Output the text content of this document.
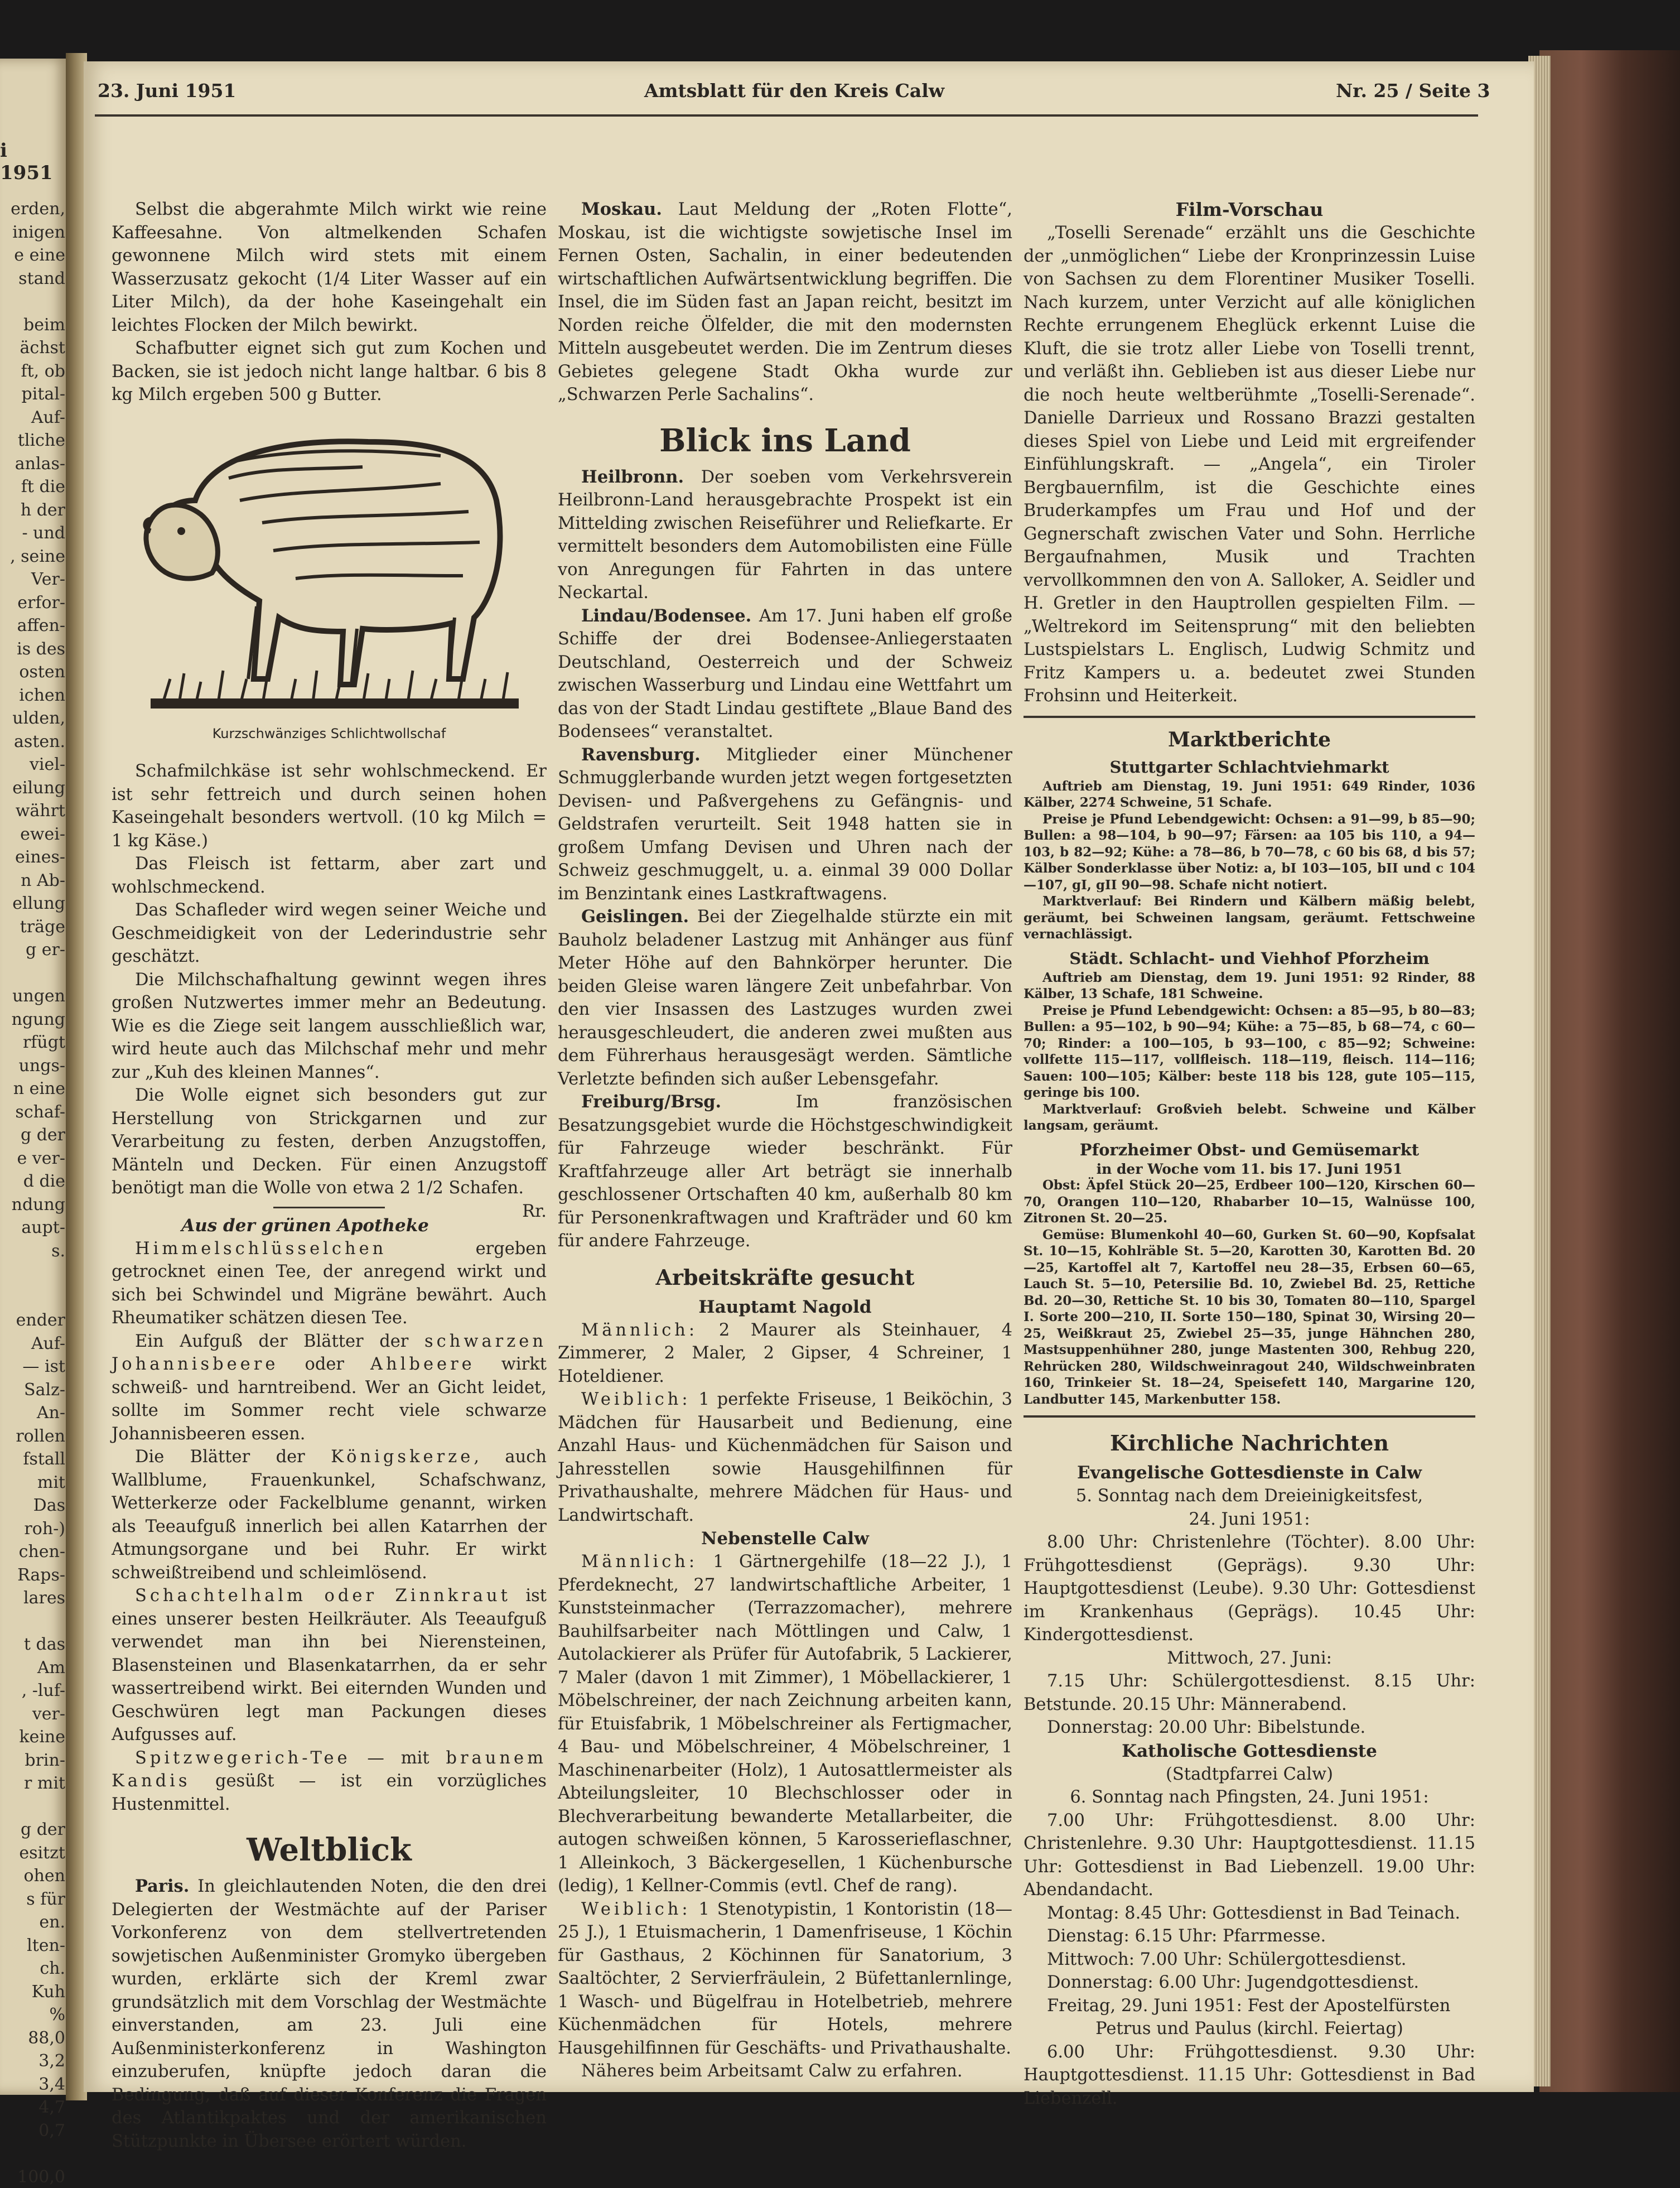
i 1951
erden,
inigen
e eine
stand
beim
ächst
ft, ob
pital-
Auf-
tliche
anlas-
ft die
h der
- und
, seine
Ver-
erfor-
affen-
is des
osten
ichen
ulden,
asten.
viel-
eilung
währt
ewei-
eines-
n Ab-
ellung
träge
g er-
ungen
ngung
rfügt
ungs-
n eine
schaf-
g der
e ver-
d die
ndung
aupt-
s.
ender
Auf-
— ist
Salz-
An-
rollen
fstall
mit
Das
roh-)
chen-
Raps-
lares
t das
Am
, -luf-
ver-
keine
brin-
r mit
g der
esitzt
ohen
s für
en.
lten-
ch.
Kuh
%
88,0
3,2
3,4
4,7
0,7
100,0
23. Juni 1951	Amtsblatt für den Kreis Calw	Nr. 25 / Seite 3

Selbst die abgerahmte Milch wirkt wie reine Kaffeesahne. Von altmelkenden Schafen gewonnene Milch wird stets mit einem Wasserzusatz gekocht (1/4 Liter Wasser auf ein Liter Milch), da der hohe Kaseingehalt ein leichtes Flocken der Milch bewirkt.

Schafbutter eignet sich gut zum Kochen und Backen, sie ist jedoch nicht lange haltbar. 6 bis 8 kg Milch ergeben 500 g Butter.

Kurzschwänziges Schlichtwollschaf

Schafmilchkäse ist sehr wohlschmeckend. Er ist sehr fettreich und durch seinen hohen Kaseingehalt besonders wertvoll. (10 kg Milch = 1 kg Käse.)

Das Fleisch ist fettarm, aber zart und wohlschmeckend.

Das Schafleder wird wegen seiner Weiche und Geschmeidigkeit von der Lederindustrie sehr geschätzt.

Die Milchschafhaltung gewinnt wegen ihres großen Nutzwertes immer mehr an Bedeutung. Wie es die Ziege seit langem ausschließlich war, wird heute auch das Milchschaf mehr und mehr zur „Kuh des kleinen Mannes“.

Die Wolle eignet sich besonders gut zur Herstellung von Strickgarnen und zur Verarbeitung zu festen, derben Anzugstoffen, Mänteln und Decken. Für einen Anzugstoff benötigt man die Wolle von etwa 2 1/2 Schafen.
Rr.

Aus der grünen Apotheke

Himmelschlüsselchen ergeben getrocknet einen Tee, der anregend wirkt und sich bei Schwindel und Migräne bewährt. Auch Rheumatiker schätzen diesen Tee.

Ein Aufguß der Blätter der schwarzen Johannisbeere oder Ahlbeere wirkt schweiß- und harntreibend. Wer an Gicht leidet, sollte im Sommer recht viele schwarze Johannisbeeren essen.

Die Blätter der Königskerze, auch Wallblume, Frauenkunkel, Schafschwanz, Wetterkerze oder Fackelblume genannt, wirken als Teeaufguß innerlich bei allen Katarrhen der Atmungsorgane und bei Ruhr. Er wirkt schweißtreibend und schleimlösend.

Schachtelhalm oder Zinnkraut ist eines unserer besten Heilkräuter. Als Teeaufguß verwendet man ihn bei Nierensteinen, Blasensteinen und Blasenkatarrhen, da er sehr wassertreibend wirkt. Bei eiternden Wunden und Geschwüren legt man Packungen dieses Aufgusses auf.

Spitzwegerich-Tee — mit braunem Kandis gesüßt — ist ein vorzügliches Hustenmittel.

Weltblick

Paris. In gleichlautenden Noten, die den drei Delegierten der Westmächte auf der Pariser Vorkonferenz von dem stellvertretenden sowjetischen Außenminister Gromyko übergeben wurden, erklärte sich der Kreml zwar grundsätzlich mit dem Vorschlag der Westmächte einverstanden, am 23. Juli eine Außenministerkonferenz in Washington einzuberufen, knüpfte jedoch daran die Bedingung, daß auf dieser Konferenz die Fragen des Atlantikpaktes und der amerikanischen Stützpunkte in Übersee erörtert würden.

Moskau. Laut Meldung der „Roten Flotte“, Moskau, ist die wichtigste sowjetische Insel im Fernen Osten, Sachalin, in einer bedeutenden wirtschaftlichen Aufwärtsentwicklung begriffen. Die Insel, die im Süden fast an Japan reicht, besitzt im Norden reiche Ölfelder, die mit den modernsten Mitteln ausgebeutet werden. Die im Zentrum dieses Gebietes gelegene Stadt Okha wurde zur „Schwarzen Perle Sachalins“.

Blick ins Land

Heilbronn. Der soeben vom Verkehrsverein Heilbronn-Land herausgebrachte Prospekt ist ein Mittelding zwischen Reiseführer und Reliefkarte. Er vermittelt besonders dem Automobilisten eine Fülle von Anregungen für Fahrten in das untere Neckartal.

Lindau/Bodensee. Am 17. Juni haben elf große Schiffe der drei Bodensee-Anliegerstaaten Deutschland, Oesterreich und der Schweiz zwischen Wasserburg und Lindau eine Wettfahrt um das von der Stadt Lindau gestiftete „Blaue Band des Bodensees“ veranstaltet.

Ravensburg. Mitglieder einer Münchener Schmugglerbande wurden jetzt wegen fortgesetzten Devisen- und Paßvergehens zu Gefängnis- und Geldstrafen verurteilt. Seit 1948 hatten sie in großem Umfang Devisen und Uhren nach der Schweiz geschmuggelt, u. a. einmal 39 000 Dollar im Benzintank eines Lastkraftwagens.

Geislingen. Bei der Ziegelhalde stürzte ein mit Bauholz beladener Lastzug mit Anhänger aus fünf Meter Höhe auf den Bahnkörper herunter. Die beiden Gleise waren längere Zeit unbefahrbar. Von den vier Insassen des Lastzuges wurden zwei herausgeschleudert, die anderen zwei mußten aus dem Führerhaus herausgesägt werden. Sämtliche Verletzte befinden sich außer Lebensgefahr.

Freiburg/Brsg. Im französischen Besatzungsgebiet wurde die Höchstgeschwindigkeit für Fahrzeuge wieder beschränkt. Für Kraftfahrzeuge aller Art beträgt sie innerhalb geschlossener Ortschaften 40 km, außerhalb 80 km für Personenkraftwagen und Krafträder und 60 km für andere Fahrzeuge.

Arbeitskräfte gesucht
Hauptamt Nagold

Männlich: 2 Maurer als Steinhauer, 4 Zimmerer, 2 Maler, 2 Gipser, 4 Schreiner, 1 Hoteldiener.

Weiblich: 1 perfekte Friseuse, 1 Beiköchin, 3 Mädchen für Hausarbeit und Bedienung, eine Anzahl Haus- und Küchenmädchen für Saison und Jahresstellen sowie Hausgehilfinnen für Privathaushalte, mehrere Mädchen für Haus- und Landwirtschaft.

Nebenstelle Calw

Männlich: 1 Gärtnergehilfe (18—22 J.), 1 Pferdeknecht, 27 landwirtschaftliche Arbeiter, 1 Kunststeinmacher (Terrazzomacher), mehrere Bauhilfsarbeiter nach Möttlingen und Calw, 1 Autolackierer als Prüfer für Autofabrik, 5 Lackierer, 7 Maler (davon 1 mit Zimmer), 1 Möbellackierer, 1 Möbelschreiner, der nach Zeichnung arbeiten kann, für Etuisfabrik, 1 Möbelschreiner als Fertigmacher, 4 Bau- und Möbelschreiner, 4 Möbelschreiner, 1 Maschinenarbeiter (Holz), 1 Autosattlermeister als Abteilungsleiter, 10 Blechschlosser oder in Blechverarbeitung bewanderte Metallarbeiter, die autogen schweißen können, 5 Karosserieflaschner, 1 Alleinkoch, 3 Bäckergesellen, 1 Küchenbursche (ledig), 1 Kellner-Commis (evtl. Chef de rang).

Weiblich: 1 Stenotypistin, 1 Kontoristin (18—25 J.), 1 Etuismacherin, 1 Damenfriseuse, 1 Köchin für Gasthaus, 2 Köchinnen für Sanatorium, 3 Saaltöchter, 2 Servierfräulein, 2 Büfettanlernlinge, 1 Wasch- und Bügelfrau in Hotelbetrieb, mehrere Küchenmädchen für Hotels, mehrere Hausgehilfinnen für Geschäfts- und Privathaushalte.

Näheres beim Arbeitsamt Calw zu erfahren.

Film-Vorschau

„Toselli Serenade“ erzählt uns die Geschichte der „unmöglichen“ Liebe der Kronprinzessin Luise von Sachsen zu dem Florentiner Musiker Toselli. Nach kurzem, unter Verzicht auf alle königlichen Rechte errungenem Eheglück erkennt Luise die Kluft, die sie trotz aller Liebe von Toselli trennt, und verläßt ihn. Geblieben ist aus dieser Liebe nur die noch heute weltberühmte „Toselli-Serenade“. Danielle Darrieux und Rossano Brazzi gestalten dieses Spiel von Liebe und Leid mit ergreifender Einfühlungskraft. — „Angela“, ein Tiroler Bergbauernfilm, ist die Geschichte eines Bruderkampfes um Frau und Hof und der Gegnerschaft zwischen Vater und Sohn. Herrliche Bergaufnahmen, Musik und Trachten vervollkommnen den von A. Salloker, A. Seidler und H. Gretler in den Hauptrollen gespielten Film. — „Weltrekord im Seitensprung“ mit den beliebten Lustspielstars L. Englisch, Ludwig Schmitz und Fritz Kampers u. a. bedeutet zwei Stunden Frohsinn und Heiterkeit.

Marktberichte

Stuttgarter Schlachtviehmarkt

Auftrieb am Dienstag, 19. Juni 1951: 649 Rinder, 1036 Kälber, 2274 Schweine, 51 Schafe.

Preise je Pfund Lebendgewicht: Ochsen: a 91—99, b 85—90; Bullen: a 98—104, b 90—97; Färsen: aa 105 bis 110, a 94—103, b 82—92; Kühe: a 78—86, b 70—78, c 60 bis 68, d bis 57; Kälber Sonderklasse über Notiz: a, bI 103—105, bII und c 104—107, gI, gII 90—98. Schafe nicht notiert.

Marktverlauf: Bei Rindern und Kälbern mäßig belebt, geräumt, bei Schweinen langsam, geräumt. Fettschweine vernachlässigt.

Städt. Schlacht- und Viehhof Pforzheim

Auftrieb am Dienstag, dem 19. Juni 1951: 92 Rinder, 88 Kälber, 13 Schafe, 181 Schweine.

Preise je Pfund Lebendgewicht: Ochsen: a 85—95, b 80—83; Bullen: a 95—102, b 90—94; Kühe: a 75—85, b 68—74, c 60—70; Rinder: a 100—105, b 93—100, c 85—92; Schweine: vollfette 115—117, vollfleisch. 118—119, fleisch. 114—116; Sauen: 100—105; Kälber: beste 118 bis 128, gute 105—115, geringe bis 100.

Marktverlauf: Großvieh belebt. Schweine und Kälber langsam, geräumt.

Pforzheimer Obst- und Gemüsemarkt

in der Woche vom 11. bis 17. Juni 1951

Obst: Äpfel Stück 20—25, Erdbeer 100—120, Kirschen 60—70, Orangen 110—120, Rhabarber 10—15, Walnüsse 100, Zitronen St. 20—25.

Gemüse: Blumenkohl 40—60, Gurken St. 60—90, Kopfsalat St. 10—15, Kohlräble St. 5—20, Karotten 30, Karotten Bd. 20—25, Kartoffel alt 7, Kartoffel neu 28—35, Erbsen 60—65, Lauch St. 5—10, Petersilie Bd. 10, Zwiebel Bd. 25, Rettiche Bd. 20—30, Rettiche St. 10 bis 30, Tomaten 80—110, Spargel I. Sorte 200—210, II. Sorte 150—180, Spinat 30, Wirsing 20—25, Weißkraut 25, Zwiebel 25—35, junge Hähnchen 280, Mastsuppenhühner 280, junge Mastenten 300, Rehbug 220, Rehrücken 280, Wildschweinragout 240, Wildschweinbraten 160, Trinkeier St. 18—24, Speisefett 140, Margarine 120, Landbutter 145, Markenbutter 158.

Kirchliche Nachrichten
Evangelische Gottesdienste in Calw

5. Sonntag nach dem Dreieinigkeitsfest,

24. Juni 1951:

8.00 Uhr: Christenlehre (Töchter). 8.00 Uhr: Frühgottesdienst (Geprägs). 9.30 Uhr: Hauptgottesdienst (Leube). 9.30 Uhr: Gottesdienst im Krankenhaus (Geprägs). 10.45 Uhr: Kindergottesdienst.

Mittwoch, 27. Juni:

7.15 Uhr: Schülergottesdienst. 8.15 Uhr: Betstunde. 20.15 Uhr: Männerabend.

Donnerstag: 20.00 Uhr: Bibelstunde.

Katholische Gottesdienste

(Stadtpfarrei Calw)

6. Sonntag nach Pfingsten, 24. Juni 1951:

7.00 Uhr: Frühgottesdienst. 8.00 Uhr: Christenlehre. 9.30 Uhr: Hauptgottesdienst. 11.15 Uhr: Gottesdienst in Bad Liebenzell. 19.00 Uhr: Abendandacht.

Montag: 8.45 Uhr: Gottesdienst in Bad Teinach.

Dienstag: 6.15 Uhr: Pfarrmesse.

Mittwoch: 7.00 Uhr: Schülergottesdienst.

Donnerstag: 6.00 Uhr: Jugendgottesdienst.

Freitag, 29. Juni 1951: Fest der Apostelfürsten

Petrus und Paulus (kirchl. Feiertag)

6.00 Uhr: Frühgottesdienst. 9.30 Uhr: Hauptgottesdienst. 11.15 Uhr: Gottesdienst in Bad Liebenzell.
